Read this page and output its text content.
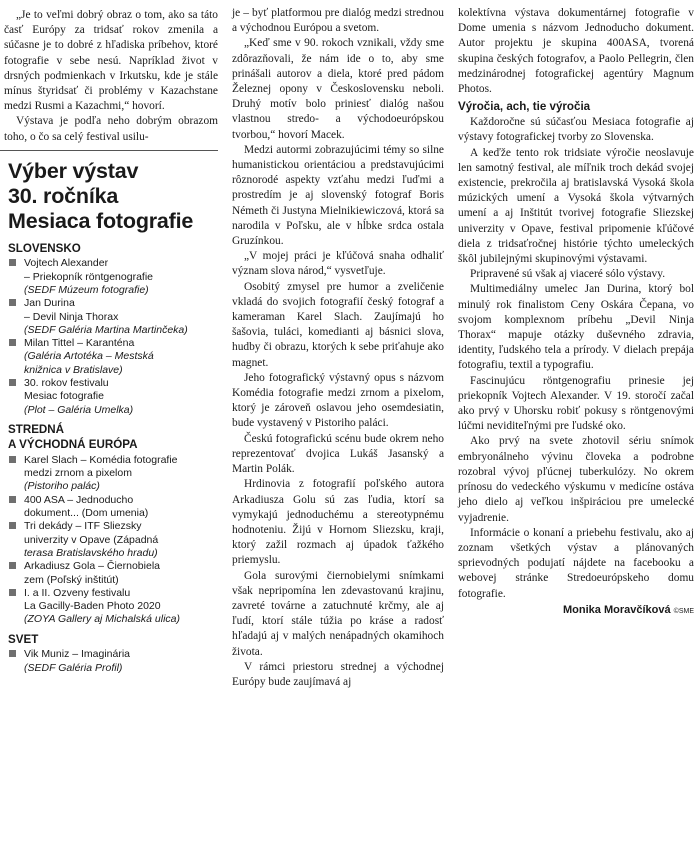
„Je to veľmi dobrý obraz o tom, ako sa táto časť Európy za tridsať rokov zmenila a súčasne je to dobré z hľadiska príbehov, ktoré fotografie v sebe nesú. Napríklad život v drsných podmienkach v Irkutsku, kde je stále mínus štyridsať či problémy v Kazachstane medzi Rusmi a Kazachmi,“ hovorí.

Výstava je podľa neho dobrým obrazom toho, o čo sa celý festival usilu-

Výber výstav
30. ročníka
Mesiaca fotografie
SLOVENSKO
Vojtech Alexander
– Priekopník röntgenografie
(SEDF Múzeum fotografie)
Jan Durina
– Devil Ninja Thorax
(SEDF Galéria Martina Martinčeka)
Milan Tittel – Karanténa
(Galéria Artotéka – Mestská
knižnica v Bratislave)
30. rokov festivalu
Mesiac fotografie
(Plot – Galéria Umelka)
STREDNÁ
A VÝCHODNÁ EURÓPA
Karel Slach – Komédia fotografie
medzi zrnom a pixelom
(Pistoriho palác)
400 ASA – Jednoducho
dokument... (Dom umenia)
Tri dekády – ITF Sliezsky
univerzity v Opave (Západná
terasa Bratislavského hradu)
Arkadiusz Gola – Čiernobiela
zem (Poľský inštitút)
I. a II. Ozveny festivalu
La Gacilly-Baden Photo 2020
(ZOYA Gallery aj Michalská ulica)
SVET
Vik Muniz – Imaginária
(SEDF Galéria Profil)

je – byť platformou pre dialóg medzi strednou a východnou Európou a svetom.

„Keď sme v 90. rokoch vznikali, vždy sme zdôrazňovali, že nám ide o to, aby sme prinášali autorov a diela, ktoré pred pádom Železnej opony v Československu neboli. Druhý motív bolo priniesť dialóg našou vlastnou stredo- a východoeurópskou tvorbou,“ hovorí Macek.

Medzi autormi zobrazujúcimi témy so silne humanistickou orientáciou a predstavujúcimi rôznorodé aspekty vzťahu medzi ľuďmi a prostredím je aj slovenský fotograf Boris Németh či Justyna Mielnikiewiczová, ktorá sa narodila v Poľsku, ale v hĺbke srdca ostala Gruzínkou.

„V mojej práci je kľúčová snaha odhaliť význam slova národ,“ vysvetľuje.

Osobitý zmysel pre humor a zveličenie vkladá do svojich fotografií český fotograf a kameraman Karel Slach. Zaujímajú ho šašovia, tuláci, komedianti aj básnici slova, hudby či obrazu, ktorých k sebe priťahuje ako magnet.

Jeho fotografický výstavný opus s názvom Komédia fotografie medzi zrnom a pixelom, ktorý je zároveň oslavou jeho osemdesiatin, bude vystavený v Pistoriho paláci.

Českú fotografickú scénu bude okrem neho reprezentovať dvojica Lukáš Jasanský a Martin Polák.

Hrdinovia z fotografií poľského autora Arkadiusza Golu sú zas ľudia, ktorí sa vymykajú jednoduchému a stereotypnému hodnoteniu. Žijú v Hornom Sliezsku, kraji, ktorý zažil rozmach aj úpadok ťažkého priemyslu.

Gola surovými čiernobielymi snímkami však nepripomína len zdevastovanú krajinu, zavreté továrne a zatuchnuté krčmy, ale aj ľudí, ktorí stále túžia po kráse a radosť hľadajú aj v malých nenápadných okamihoch života.

V rámci priestoru strednej a východnej Európy bude zaujímavá aj

kolektívna výstava dokumentárnej fotografie v Dome umenia s názvom Jednoducho dokument. Autor projektu je skupina 400ASA, tvorená skupina českých fotografov, a Paolo Pellegrin, člen medzinárodnej fotografickej agentúry Magnum Photos.

Výročia, ach, tie výročia

Každoročne sú súčasťou Mesiaca fotografie aj výstavy fotografickej tvorby zo Slovenska.

A keďže tento rok tridsiate výročie neoslavuje len samotný festival, ale míľnik troch dekád svojej existencie, prekročila aj bratislavská Vysoká škola múzických umení a Vysoká škola výtvarných umení a aj Inštitút tvorivej fotografie Sliezskej univerzity v Opave, festival pripomenie kľúčové diela z tridsaťročnej histórie týchto umeleckých škôl jubilejnými skupinovými výstavami.

Pripravené sú však aj viaceré sólo výstavy.

Multimediálny umelec Jan Durina, ktorý bol minulý rok finalistom Ceny Oskára Čepana, vo svojom komplexnom príbehu „Devil Ninja Thorax“ mapuje otázky duševného zdravia, identity, ľudského tela a prírody. V dielach prepája fotografiu, textil a typografiu.

Fascinujúcu röntgenografiu prinesie jej priekopník Vojtech Alexander. V 19. storočí začal ako prvý v Uhorsku robiť pokusy s röntgenovými lúčmi neviditeľnými pre ľudské oko.

Ako prvý na svete zhotovil sériu snímok embryonálneho vývinu človeka a podrobne rozobral vývoj pľúcnej tuberkulózy. No okrem prínosu do vedeckého výskumu v medicíne ostáva jeho dielo aj veľkou inšpiráciou pre umelecké vyjadrenie.

Informácie o konaní a priebehu festivalu, ako aj zoznam všetkých výstav a plánovaných sprievodných podujatí nájdete na facebooku a webovej stránke Stredoeurópskeho domu fotografie.

Monika Moravčíková ©SME
